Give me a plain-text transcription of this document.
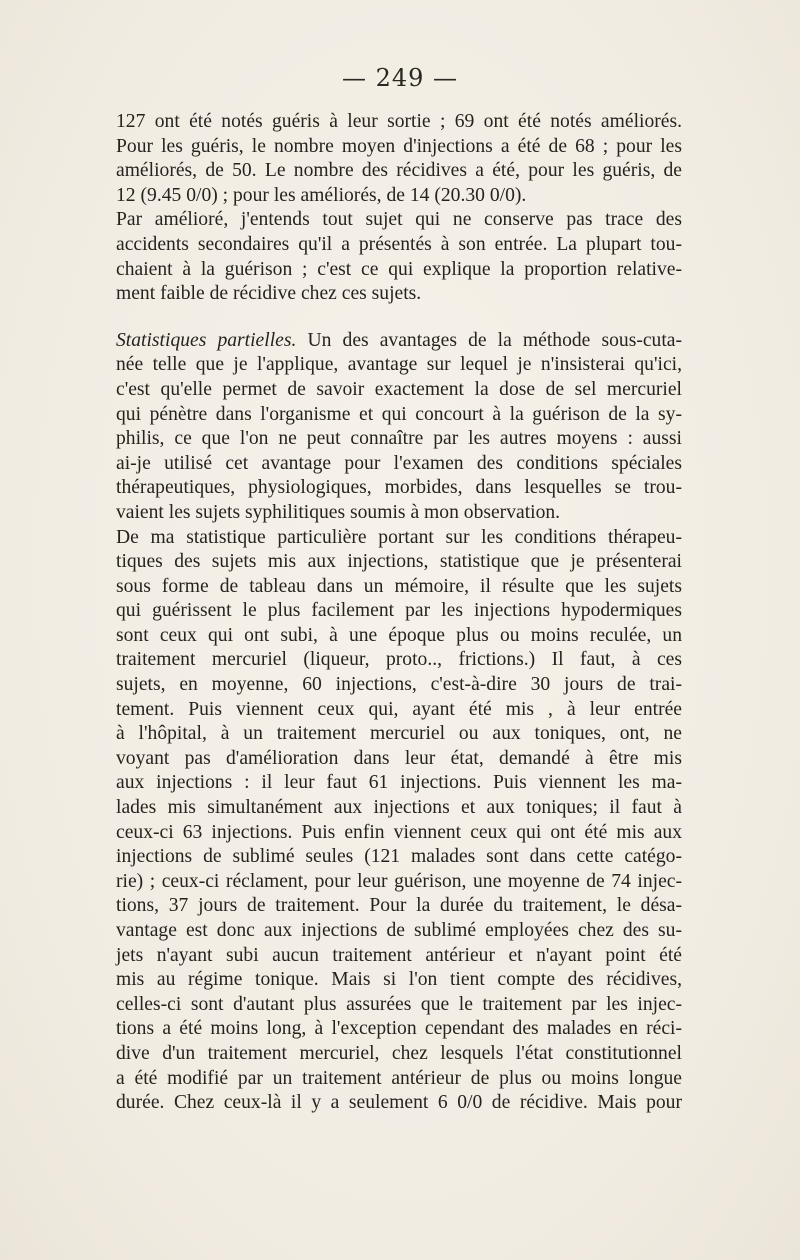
— 249 —

127 ont été notés guéris à leur sortie ; 69 ont été notés améliorés.
Pour les guéris, le nombre moyen d'injections a été de 68 ; pour les
améliorés, de 50. Le nombre des récidives a été, pour les guéris, de
12 (9.45 0/0) ; pour les améliorés, de 14 (20.30 0/0).

Par amélioré, j'entends tout sujet qui ne conserve pas trace des
accidents secondaires qu'il a présentés à son entrée. La plupart tou-
chaient à la guérison ; c'est ce qui explique la proportion relative-
ment faible de récidive chez ces sujets.

Statistiques partielles. Un des avantages de la méthode sous-cuta-
née telle que je l'applique, avantage sur lequel je n'insisterai qu'ici,
c'est qu'elle permet de savoir exactement la dose de sel mercuriel
qui pénètre dans l'organisme et qui concourt à la guérison de la sy-
philis, ce que l'on ne peut connaître par les autres moyens : aussi
ai-je utilisé cet avantage pour l'examen des conditions spéciales
thérapeutiques, physiologiques, morbides, dans lesquelles se trou-
vaient les sujets syphilitiques soumis à mon observation.

De ma statistique particulière portant sur les conditions thérapeu-
tiques des sujets mis aux injections, statistique que je présenterai
sous forme de tableau dans un mémoire, il résulte que les sujets
qui guérissent le plus facilement par les injections hypodermiques
sont ceux qui ont subi, à une époque plus ou moins reculée, un
traitement mercuriel (liqueur, proto.., frictions.) Il faut, à ces
sujets, en moyenne, 60 injections, c'est-à-dire 30 jours de trai-
tement. Puis viennent ceux qui, ayant été mis , à leur entrée
à l'hôpital, à un traitement mercuriel ou aux toniques, ont, ne
voyant pas d'amélioration dans leur état, demandé à être mis
aux injections : il leur faut 61 injections. Puis viennent les ma-
lades mis simultanément aux injections et aux toniques; il faut à
ceux-ci 63 injections. Puis enfin viennent ceux qui ont été mis aux
injections de sublimé seules (121 malades sont dans cette catégo-
rie) ; ceux-ci réclament, pour leur guérison, une moyenne de 74 injec-
tions, 37 jours de traitement. Pour la durée du traitement, le désa-
vantage est donc aux injections de sublimé employées chez des su-
jets n'ayant subi aucun traitement antérieur et n'ayant point été
mis au régime tonique. Mais si l'on tient compte des récidives,
celles-ci sont d'autant plus assurées que le traitement par les injec-
tions a été moins long, à l'exception cependant des malades en réci-
dive d'un traitement mercuriel, chez lesquels l'état constitutionnel
a été modifié par un traitement antérieur de plus ou moins longue
durée. Chez ceux-là il y a seulement 6 0/0 de récidive. Mais pour
